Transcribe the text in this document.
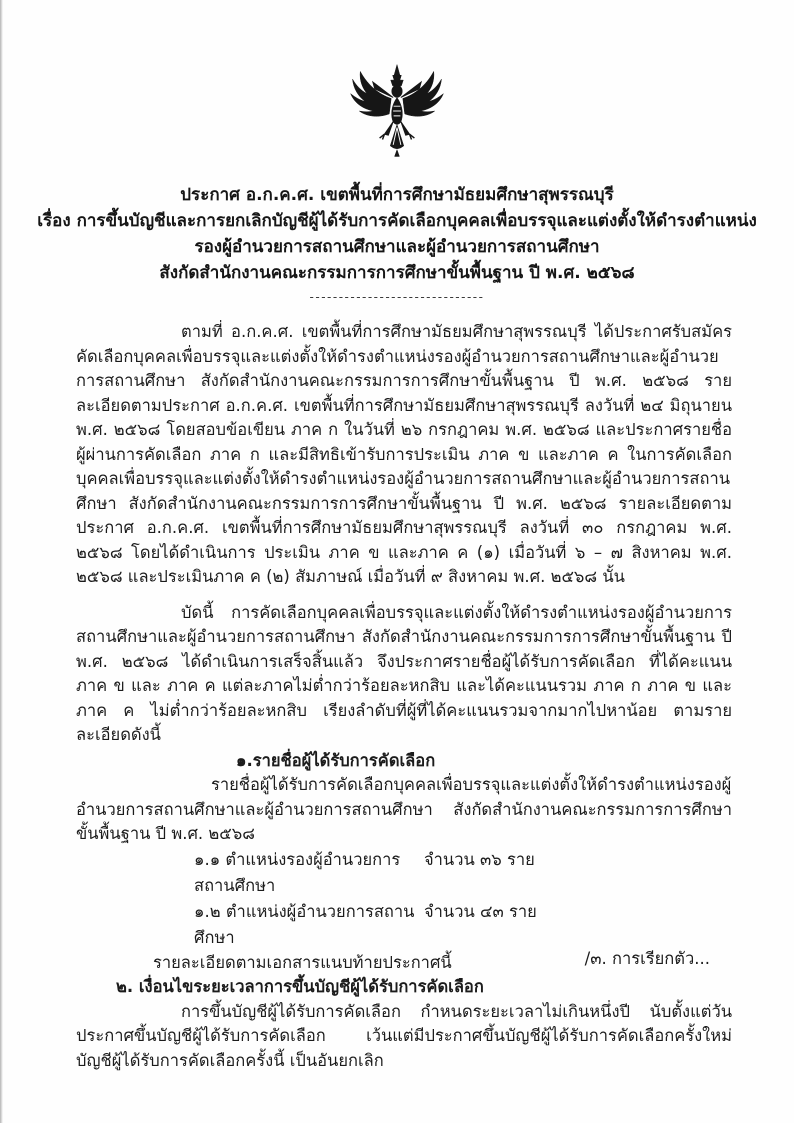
ประกาศ อ.ก.ค.ศ. เขตพื้นที่การศึกษามัธยมศึกษาสุพรรณบุรี
เรื่อง การขึ้นบัญชีและการยกเลิกบัญชีผู้ได้รับการคัดเลือกบุคคลเพื่อบรรจุและแต่งตั้งให้ดำรงตำแหน่ง
รองผู้อำนวยการสถานศึกษาและผู้อำนวยการสถานศึกษา
สังกัดสำนักงานคณะกรรมการการศึกษาขั้นพื้นฐาน ปี พ.ศ. ๒๕๖๘
------------------------------

ตามที่ อ.ก.ค.ศ. เขตพื้นที่การศึกษามัธยมศึกษาสุพรรณบุรี ได้ประกาศรับสมัครคัดเลือกบุคคลเพื่อบรรจุและแต่งตั้งให้ดำรงตำแหน่งรองผู้อำนวยการสถานศึกษาและผู้อำนวยการสถานศึกษา สังกัดสำนักงานคณะกรรมการการศึกษาขั้นพื้นฐาน ปี พ.ศ. ๒๕๖๘ รายละเอียดตามประกาศ อ.ก.ค.ศ. เขตพื้นที่การศึกษามัธยมศึกษาสุพรรณบุรี ลงวันที่ ๒๔ มิถุนายน พ.ศ. ๒๕๖๘ โดยสอบข้อเขียน ภาค ก ในวันที่ ๒๖ กรกฎาคม พ.ศ. ๒๕๖๘ และประกาศรายชื่อผู้ผ่านการคัดเลือก ภาค ก และมีสิทธิเข้ารับการประเมิน ภาค ข และภาค ค ในการคัดเลือกบุคคลเพื่อบรรจุและแต่งตั้งให้ดำรงตำแหน่งรองผู้อำนวยการสถานศึกษาและผู้อำนวยการสถานศึกษา สังกัดสำนักงานคณะกรรมการการศึกษาขั้นพื้นฐาน ปี พ.ศ. ๒๕๖๘ รายละเอียดตามประกาศ อ.ก.ค.ศ. เขตพื้นที่การศึกษามัธยมศึกษาสุพรรณบุรี ลงวันที่ ๓๐ กรกฎาคม พ.ศ. ๒๕๖๘ โดยได้ดำเนินการ ประเมิน ภาค ข และภาค ค (๑) เมื่อวันที่ ๖ – ๗ สิงหาคม พ.ศ. ๒๕๖๘ และประเมินภาค ค (๒) สัมภาษณ์ เมื่อวันที่ ๙ สิงหาคม พ.ศ. ๒๕๖๘ นั้น

บัดนี้ การคัดเลือกบุคคลเพื่อบรรจุและแต่งตั้งให้ดำรงตำแหน่งรองผู้อำนวยการสถานศึกษาและผู้อำนวยการสถานศึกษา สังกัดสำนักงานคณะกรรมการการศึกษาขั้นพื้นฐาน ปี พ.ศ. ๒๕๖๘ ได้ดำเนินการเสร็จสิ้นแล้ว จึงประกาศรายชื่อผู้ได้รับการคัดเลือก ที่ได้คะแนน ภาค ข และ ภาค ค แต่ละภาคไม่ต่ำกว่าร้อยละหกสิบ และได้คะแนนรวม ภาค ก ภาค ข และ ภาค ค ไม่ต่ำกว่าร้อยละหกสิบ เรียงลำดับที่ผู้ที่ได้คะแนนรวมจากมากไปหาน้อย ตามรายละเอียดดังนี้

๑.รายชื่อผู้ได้รับการคัดเลือก

รายชื่อผู้ได้รับการคัดเลือกบุคคลเพื่อบรรจุและแต่งตั้งให้ดำรงตำแหน่งรองผู้อำนวยการสถานศึกษาและผู้อำนวยการสถานศึกษา สังกัดสำนักงานคณะกรรมการการศึกษาขั้นพื้นฐาน ปี พ.ศ. ๒๕๖๘

๑.๑ ตำแหน่งรองผู้อำนวยการสถานศึกษา
จำนวน ๓๖ ราย
๑.๒ ตำแหน่งผู้อำนวยการสถานศึกษา
จำนวน ๔๓ ราย
รายละเอียดตามเอกสารแนบท้ายประกาศนี้
๒. เงื่อนไขระยะเวลาการขึ้นบัญชีผู้ได้รับการคัดเลือก

การขึ้นบัญชีผู้ได้รับการคัดเลือก กำหนดระยะเวลาไม่เกินหนึ่งปี นับตั้งแต่วันประกาศขึ้นบัญชีผู้ได้รับการคัดเลือก เว้นแต่มีประกาศขึ้นบัญชีผู้ได้รับการคัดเลือกครั้งใหม่ บัญชีผู้ได้รับการคัดเลือกครั้งนี้ เป็นอันยกเลิก

/๓. การเรียกตัว...
